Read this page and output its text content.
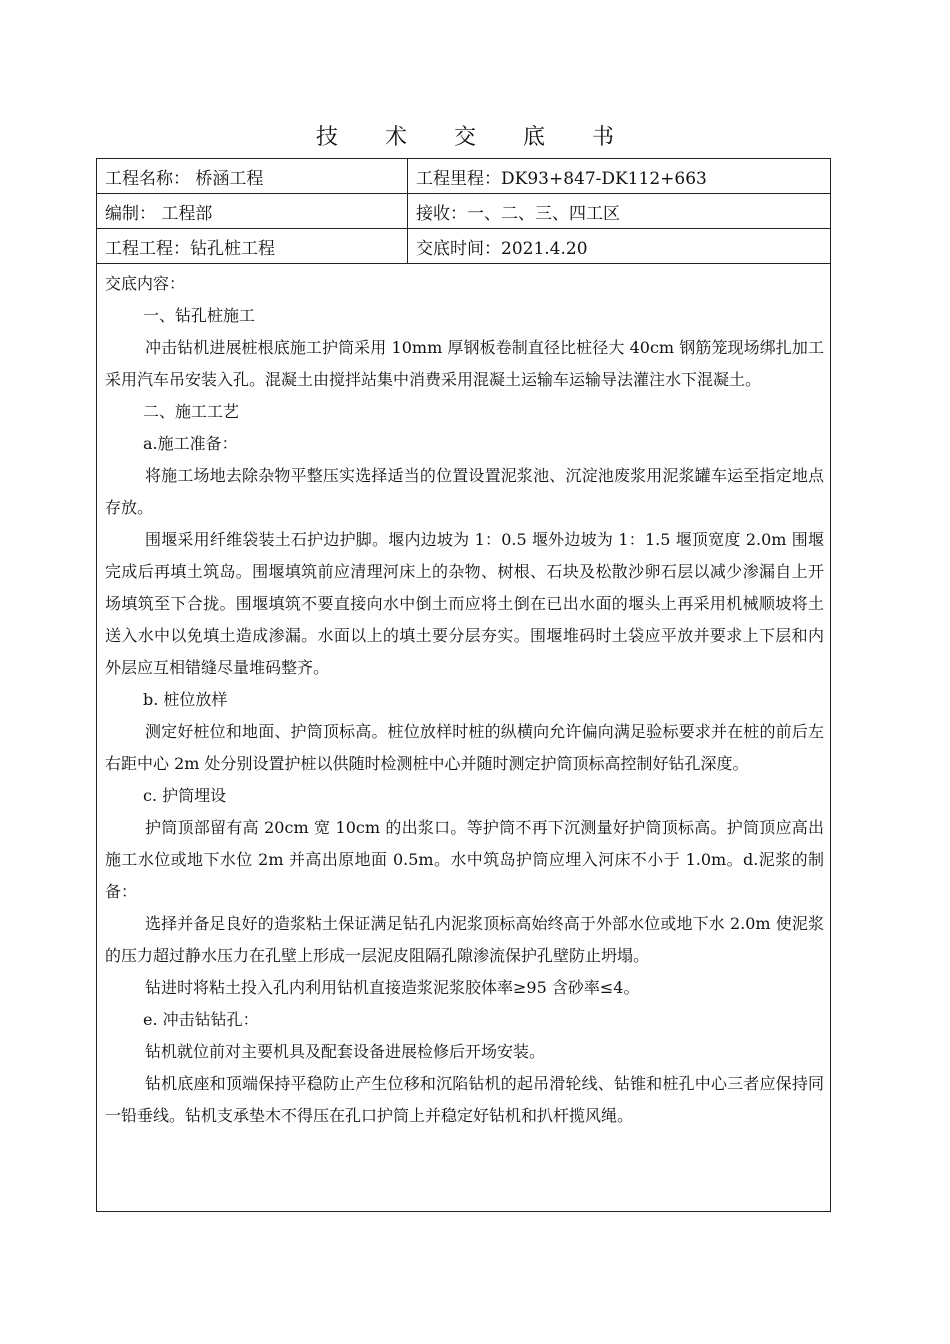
技 术 交 底 书
工程名称： 桥涵工程	工程里程：DK93+847-DK112+663
编制： 工程部	接收：一、二、三、四工区
工程工程：钻孔桩工程	交底时间：2021.4.20

交底内容：

一、钻孔桩施工

冲击钻机进展桩根底施工护筒采用 10mm 厚钢板卷制直径比桩径大 40cm 钢筋笼现场绑扎加工采用汽车吊安装入孔。混凝土由搅拌站集中消费采用混凝土运输车运输导法灌注水下混凝土。

二、施工工艺

a.施工准备：

将施工场地去除杂物平整压实选择适当的位置设置泥浆池、沉淀池废浆用泥浆罐车运至指定地点存放。

围堰采用纤维袋装土石护边护脚。堰内边坡为 1：0.5 堰外边坡为 1：1.5 堰顶宽度 2.0m 围堰完成后再填土筑岛。围堰填筑前应清理河床上的杂物、树根、石块及松散沙卵石层以减少渗漏自上开场填筑至下合拢。围堰填筑不要直接向水中倒土而应将土倒在已出水面的堰头上再采用机械顺坡将土送入水中以免填土造成渗漏。水面以上的填土要分层夯实。围堰堆码时土袋应平放并要求上下层和内外层应互相错缝尽量堆码整齐。

b. 桩位放样

测定好桩位和地面、护筒顶标高。桩位放样时桩的纵横向允许偏向满足验标要求并在桩的前后左右距中心 2m 处分别设置护桩以供随时检测桩中心并随时测定护筒顶标高控制好钻孔深度。

c. 护筒埋设

护筒顶部留有高 20cm 宽 10cm 的出浆口。等护筒不再下沉测量好护筒顶标高。护筒顶应高出施工水位或地下水位 2m 并高出原地面 0.5m。水中筑岛护筒应埋入河床不小于 1.0m。d.泥浆的制备：

选择并备足良好的造浆粘土保证满足钻孔内泥浆顶标高始终高于外部水位或地下水 2.0m 使泥浆的压力超过静水压力在孔壁上形成一层泥皮阻隔孔隙渗流保护孔壁防止坍塌。

钻进时将粘土投入孔内利用钻机直接造浆泥浆胶体率≥95 含砂率≤4。

e. 冲击钻钻孔：

钻机就位前对主要机具及配套设备进展检修后开场安装。

钻机底座和顶端保持平稳防止产生位移和沉陷钻机的起吊滑轮线、钻锥和桩孔中心三者应保持同一铅垂线。钻机支承垫木不得压在孔口护筒上并稳定好钻机和扒杆揽风绳。
